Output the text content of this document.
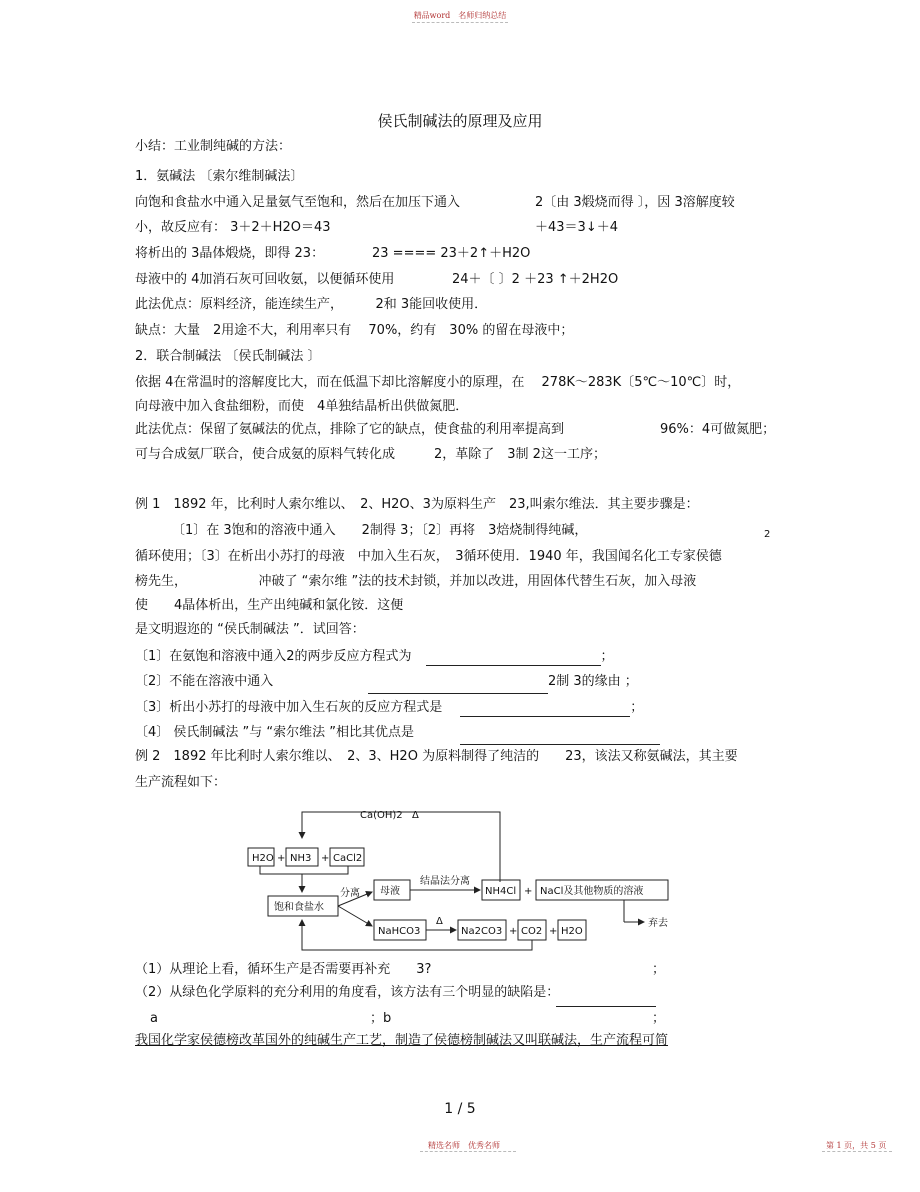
精品word　名师归纳总结
侯氏制碱法的原理及应用
小结：工业制纯碱的方法：
1．氨碱法 〔索尔维制碱法〕
向饱和食盐水中通入足量氨气至饱和，然后在加压下通入	2〔由 3煅烧而得 〕，因 3溶解度较
小，故反应有： 3＋2＋H2O＝43	＋43＝3↓＋4
将析出的 3晶体煅烧，即得 23：	23 ==== 23＋2↑＋H2O
母液中的 4加消石灰可回收氨，以便循环使用	24＋〔 〕2 ＋23 ↑＋2H2O
此法优点：原料经济，能连续生产，　　　2和 3能回收使用．
缺点：大量　2用途不大，利用率只有　 70%，约有　30% 的留在母液中；
2．联合制碱法 〔侯氏制碱法 〕
依据 4在常温时的溶解度比大，而在低温下却比溶解度小的原理，在　 278K～283K〔5℃～10℃〕时，
向母液中加入食盐细粉，而使　4单独结晶析出供做氮肥．
此法优点：保留了氨碱法的优点，排除了它的缺点，使食盐的利用率提高到	96%：4可做氮肥；
可与合成氨厂联合，使合成氨的原料气转化成　　　2，革除了　3制 2这一工序；
例 1　1892 年，比利时人索尔维以、　2、H2O、3为原料生产　23,叫索尔维法．其主要步骤是：
〔1〕在 3饱和的溶液中通入　　2制得 3；〔2〕再将　3焙烧制得纯碱，	2
循环使用；〔3〕在析出小苏打的母液　中加入生石灰，　3循环使用．1940 年，我国闻名化工专家侯德
榜先生，　　　　　　冲破了 “索尔维 ”法的技术封锁，并加以改进，用固体代替生石灰，加入母液
使　　4晶体析出，生产出纯碱和氯化铵．这便
是文明遐迩的 “侯氏制碱法 ”．试回答：
〔1〕在氨饱和溶液中通入2的两步反应方程式为	；
〔2〕不能在溶液中通入	2制 3的缘由 ；
〔3〕析出小苏打的母液中加入生石灰的反应方程式是	；
〔4〕 侯氏制碱法 ”与 “索尔维法 ”相比其优点是
例 2　1892 年比利时人索尔维以、　2、3、H2O 为原料制得了纯洁的　　23，该法又称氨碱法，其主要
生产流程如下：
Ca(OH)2 Δ
H2O + NH3 + CaCl2
饱和食盐水
分离 母液
结晶法分离
NH4Cl + NaCl及其他物质的溶液
弃去
NaHCO3
Δ
Na2CO3 + CO2 + H2O
（1）从理论上看，循环生产是否需要再补充　　3?	；
（2）从绿色化学原料的充分利用的角度看，该方法有三个明显的缺陷是：
a	；b	；
我国化学家侯德榜改革国外的纯碱生产工艺，制造了侯德榜制碱法又叫联碱法，生产流程可简
1 / 5
精选名师　优秀名师	第 1 页，共 5 页
